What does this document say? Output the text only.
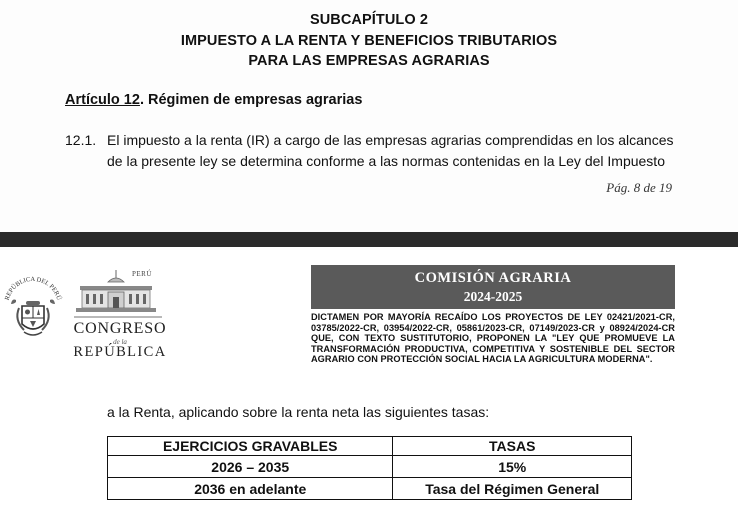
SUBCAPÍTULO 2
IMPUESTO A LA RENTA Y BENEFICIOS TRIBUTARIOS
PARA LAS EMPRESAS AGRARIAS
Artículo 12. Régimen de empresas agrarias
12.1. El impuesto a la renta (IR) a cargo de las empresas agrarias comprendidas en los alcances
de la presente ley se determina conforme a las normas contenidas en la Ley del Impuesto
Pág. 8 de 19
REPÚBLICA DEL PERÚ
PERÚ
CONGRESO
de la
REPÚBLICA
COMISIÓN AGRARIA
2024-2025
DICTAMEN POR MAYORÍA RECAÍDO LOS PROYECTOS DE LEY 02421/2021-CR, 03785/2022-CR, 03954/2022-CR, 05861/2023-CR, 07149/2023-CR y 08924/2024-CR QUE, CON TEXTO SUSTITUTORIO, PROPONEN LA "LEY QUE PROMUEVE LA TRANSFORMACIÓN PRODUCTIVA, COMPETITIVA Y SOSTENIBLE DEL SECTOR AGRARIO CON PROTECCIÓN SOCIAL HACIA LA AGRICULTURA MODERNA".
a la Renta, aplicando sobre la renta neta las siguientes tasas:
EJERCICIOS GRAVABLES	TASAS
2026 – 2035	15%
2036 en adelante	Tasa del Régimen General
